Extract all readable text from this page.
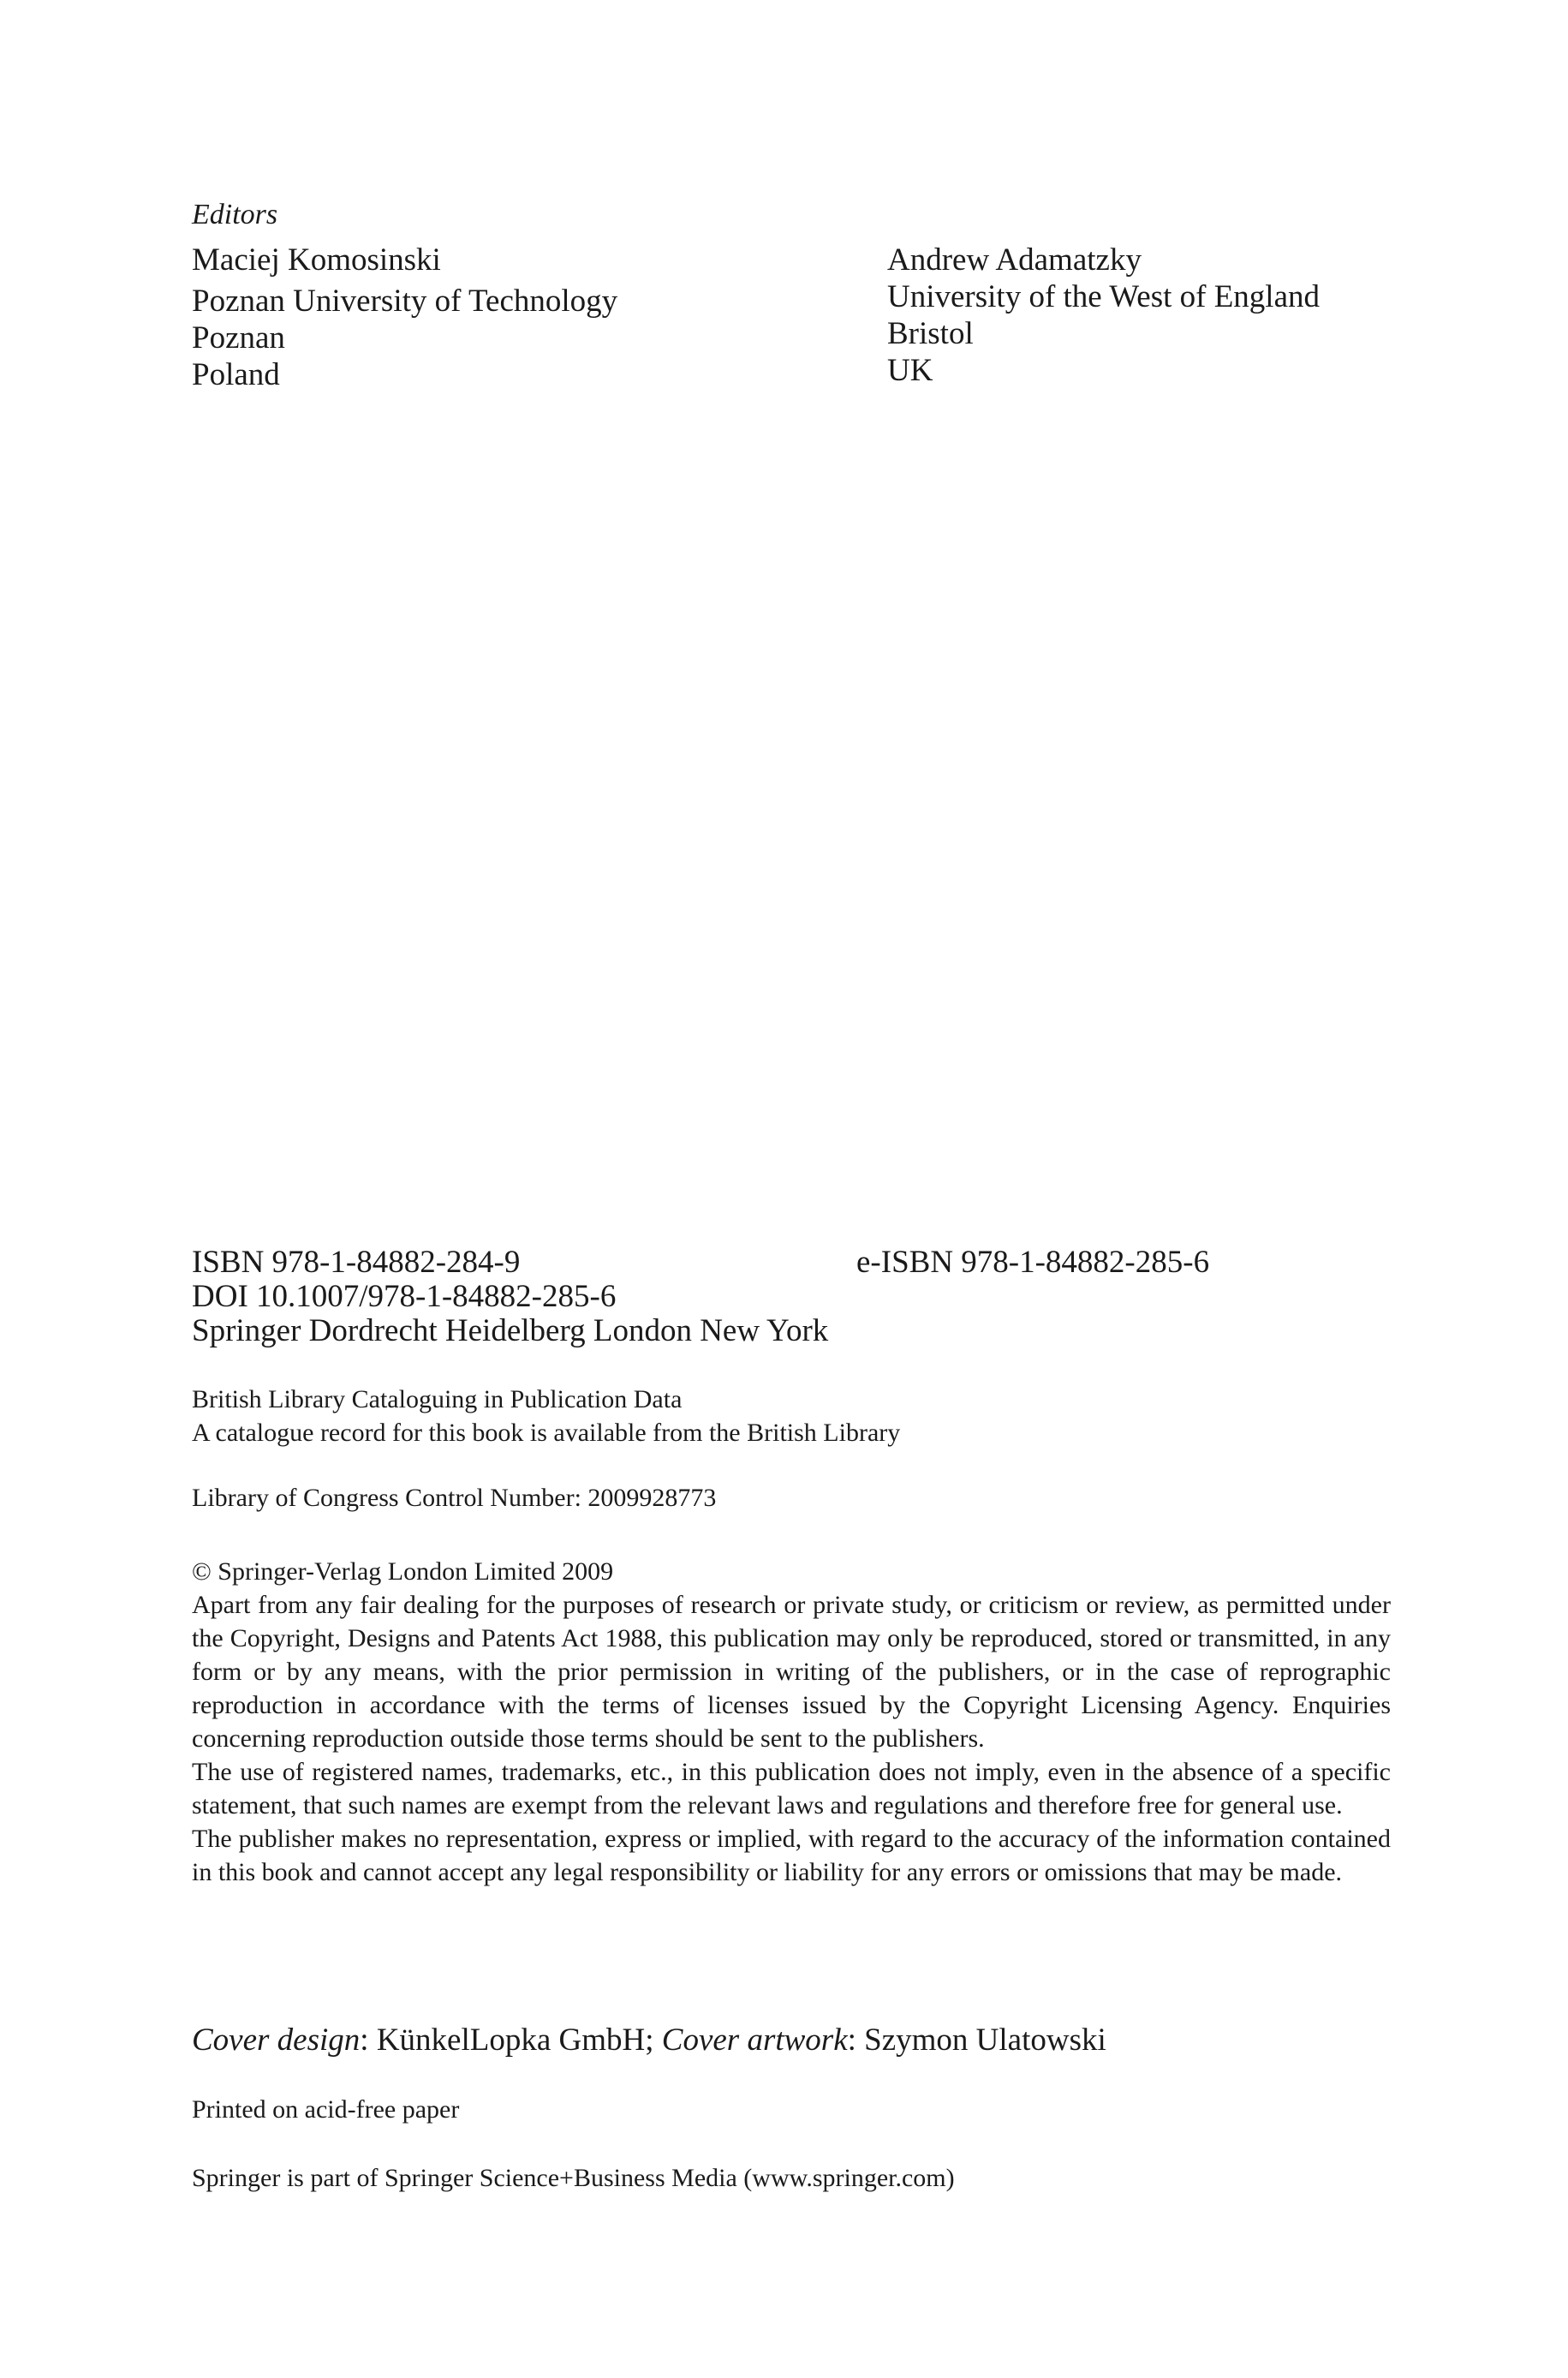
Editors
Maciej Komosinski
Poznan University of Technology
Poznan
Poland
Andrew Adamatzky
University of the West of England
Bristol
UK
ISBN 978-1-84882-284-9	e-ISBN 978-1-84882-285-6
DOI 10.1007/978-1-84882-285-6
Springer Dordrecht Heidelberg London New York
British Library Cataloguing in Publication Data
A catalogue record for this book is available from the British Library
Library of Congress Control Number: 2009928773

© Springer-Verlag London Limited 2009

Apart from any fair dealing for the purposes of research or private study, or criticism or review, as permitted under the Copyright, Designs and Patents Act 1988, this publication may only be reproduced, stored or transmitted, in any form or by any means, with the prior permission in writing of the publishers, or in the case of reprographic reproduction in accordance with the terms of licenses issued by the Copyright Licensing Agency. Enquiries concerning reproduction outside those terms should be sent to the publishers.

The use of registered names, trademarks, etc., in this publication does not imply, even in the absence of a specific statement, that such names are exempt from the relevant laws and regulations and therefore free for general use.

The publisher makes no representation, express or implied, with regard to the accuracy of the information contained in this book and cannot accept any legal responsibility or liability for any errors or omissions that may be made.

Cover design: KünkelLopka GmbH; Cover artwork: Szymon Ulatowski
Printed on acid-free paper
Springer is part of Springer Science+Business Media (www.springer.com)
